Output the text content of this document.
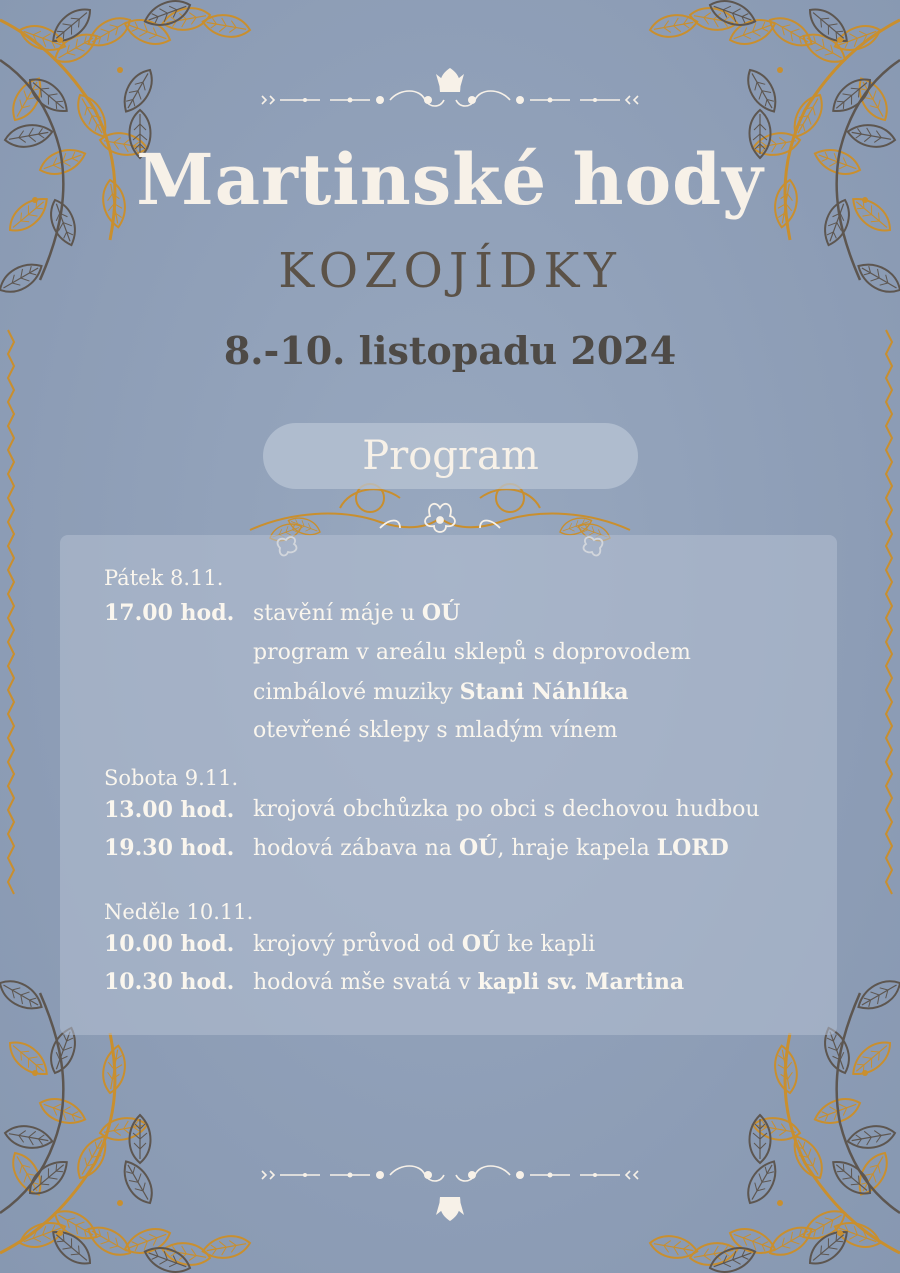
Martinské hody
KOZOJÍDKY
8.-10. listopadu 2024
Program
Pátek 8.11.
17.00 hod. stavění máje u OÚ
program v areálu sklepů s doprovodem
cimbálové muziky Stani Náhlíka
otevřené sklepy s mladým vínem
Sobota 9.11.
13.00 hod. krojová obchůzka po obci s dechovou hudbou
19.30 hod. hodová zábava na OÚ, hraje kapela LORD
Neděle 10.11.
10.00 hod. krojový průvod od OÚ ke kapli
10.30 hod. hodová mše svatá v kapli sv. Martina
